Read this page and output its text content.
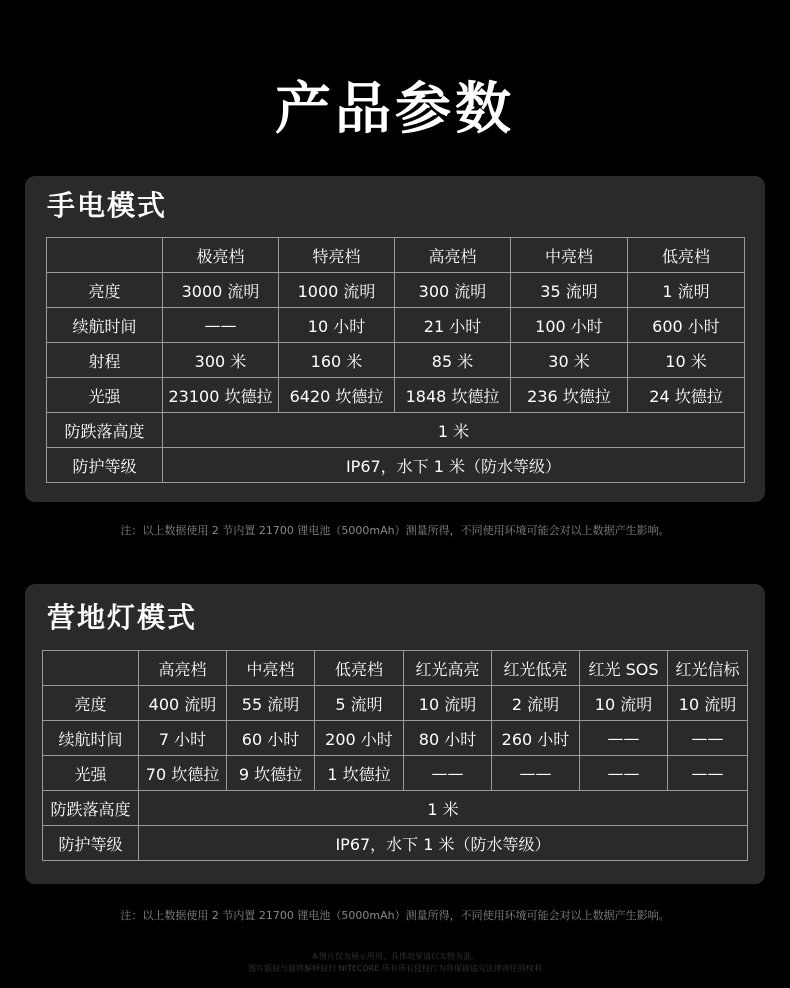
产品参数
手电模式
	极亮档	特亮档	高亮档	中亮档	低亮档
亮度	3000 流明	1000 流明	300 流明	35 流明	1 流明
续航时间	——	10 小时	21 小时	100 小时	600 小时
射程	300 米	160 米	85 米	30 米	10 米
光强	23100 坎德拉	6420 坎德拉	1848 坎德拉	236 坎德拉	24 坎德拉
防跌落高度	1 米				
防护等级	IP67，水下 1 米（防水等级）				
注：以上数据使用 2 节内置 21700 锂电池（5000mAh）测量所得，不同使用环境可能会对以上数据产生影响。
营地灯模式
	高亮档	中亮档	低亮档	红光高亮	红光低亮	红光 SOS	红光信标
亮度	400 流明	55 流明	5 流明	10 流明	2 流明	10 流明	10 流明
续航时间	7 小时	60 小时	200 小时	80 小时	260 小时	——	——
光强	70 坎德拉	9 坎德拉	1 坎德拉	——	——	——	——
防跌落高度	1 米						
防护等级	IP67，水下 1 米（防水等级）						
注：以上数据使用 2 节内置 21700 锂电池（5000mAh）测量所得，不同使用环境可能会对以上数据产生影响。
本图片仅为展示所用，具体效果请以实物为准。
图片版权与最终解释权归 NITECORE 所有所有侵权行为将保留追究法律责任的权利
